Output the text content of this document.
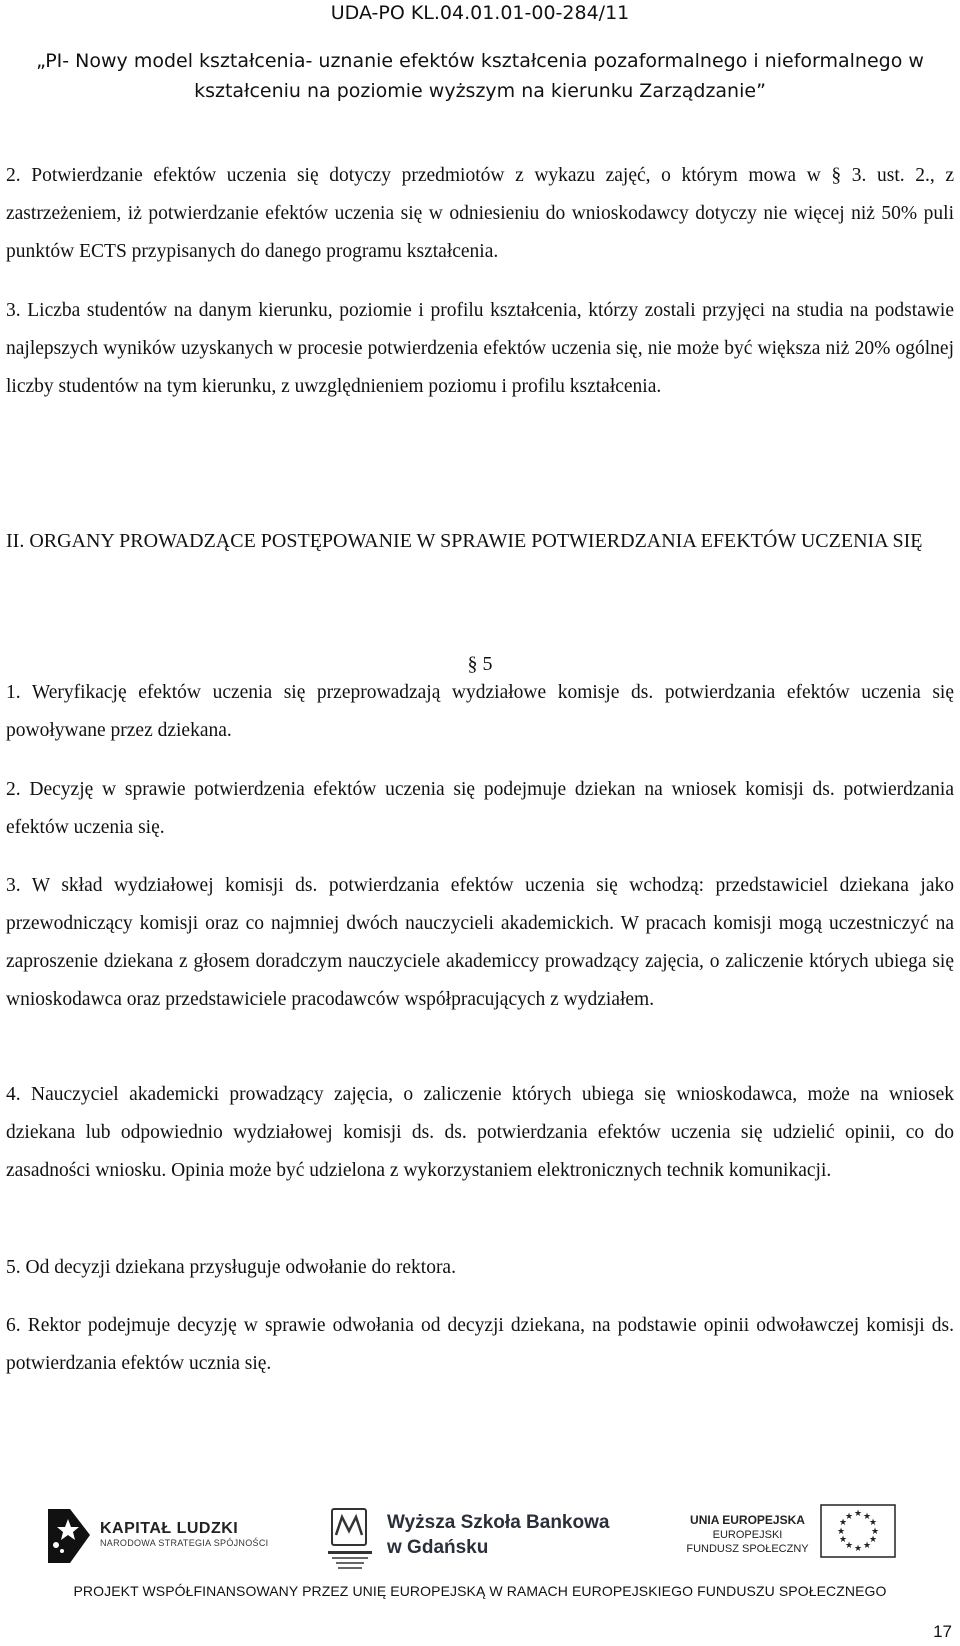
UDA-PO KL.04.01.01-00-284/11
„PI- Nowy model kształcenia- uznanie efektów kształcenia pozaformalnego i nieformalnego w
kształceniu na poziomie wyższym na kierunku Zarządzanie”

2. Potwierdzanie efektów uczenia się dotyczy przedmiotów z wykazu zajęć, o którym mowa w § 3. ust. 2., z zastrzeżeniem, iż potwierdzanie efektów uczenia się w odniesieniu do wnioskodawcy dotyczy nie więcej niż 50% puli punktów ECTS przypisanych do danego programu kształcenia.

3. Liczba studentów na danym kierunku, poziomie i profilu kształcenia, którzy zostali przyjęci na studia na podstawie najlepszych wyników uzyskanych w procesie potwierdzenia efektów uczenia się, nie może być większa niż 20% ogólnej liczby studentów na tym kierunku, z uwzględnieniem poziomu i profilu kształcenia.

II. ORGANY PROWADZĄCE POSTĘPOWANIE W SPRAWIE POTWIERDZANIA EFEKTÓW UCZENIA SIĘ

§ 5

1. Weryfikację efektów uczenia się przeprowadzają wydziałowe komisje ds. potwierdzania efektów uczenia się powoływane przez dziekana.

2. Decyzję w sprawie potwierdzenia efektów uczenia się podejmuje dziekan na wniosek komisji ds. potwierdzania efektów uczenia się.

3. W skład wydziałowej komisji ds. potwierdzania efektów uczenia się wchodzą: przedstawiciel dziekana jako przewodniczący komisji oraz co najmniej dwóch nauczycieli akademickich. W pracach komisji mogą uczestniczyć na zaproszenie dziekana z głosem doradczym nauczyciele akademiccy prowadzący zajęcia, o zaliczenie których ubiega się wnioskodawca oraz przedstawiciele pracodawców współpracujących z wydziałem.

4. Nauczyciel akademicki prowadzący zajęcia, o zaliczenie których ubiega się wnioskodawca, może na wniosek dziekana lub odpowiednio wydziałowej komisji ds. ds. potwierdzania efektów uczenia się udzielić opinii, co do zasadności wniosku. Opinia może być udzielona z wykorzystaniem elektronicznych technik komunikacji.

5. Od decyzji dziekana przysługuje odwołanie do rektora.

6. Rektor podejmuje decyzję w sprawie odwołania od decyzji dziekana, na podstawie opinii odwoławczej komisji ds. potwierdzania efektów ucznia się.

KAPITAŁ LUDZKI
NARODOWA STRATEGIA SPÓJNOŚCI
Wyższa Szkoła Bankowa
w Gdańsku
UNIA EUROPEJSKA
EUROPEJSKI
FUNDUSZ SPOŁECZNY
★ ★
★
★
★
★
★
★
★
★
★
★
PROJEKT WSPÓŁFINANSOWANY PRZEZ UNIĘ EUROPEJSKĄ W RAMACH EUROPEJSKIEGO FUNDUSZU SPOŁECZNEGO
17
